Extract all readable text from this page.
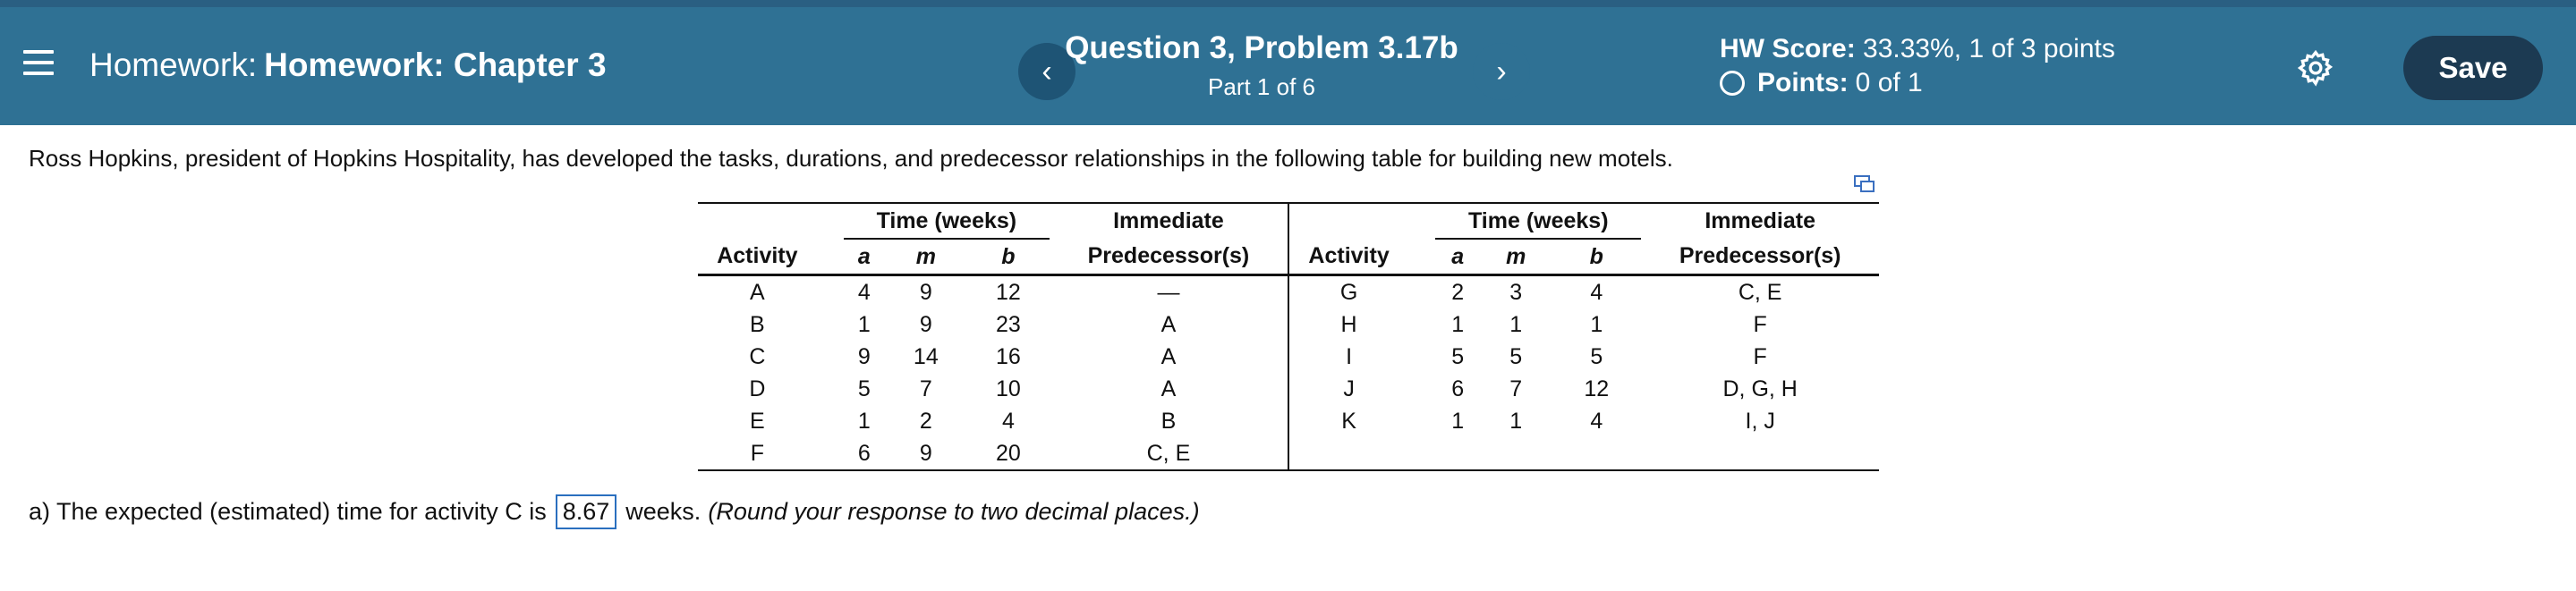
Homework: Homework: Chapter 3	‹
Question 3, Problem 3.17b
Part 1 of 6	›
HW Score: 33.33%, 1 of 3 points
Points: 0 of 1	Save
Ross Hopkins, president of Hopkins Hospitality, has developed the tasks, durations, and predecessor relationships in the following table for building new motels.
		Time (weeks)			Immediate			Time (weeks)			Immediate
Activity		a	m	b	Predecessor(s)	Activity		a	m	b	Predecessor(s)
A		4	9	12	—	G		2	3	4	C, E
B		1	9	23	A	H		1	1	1	F
C		9	14	16	A	I		5	5	5	F
D		5	7	10	A	J		6	7	12	D, G, H
E		1	2	4	B	K		1	1	4	I, J
F		6	9	20	C, E						
a) The expected (estimated) time for activity C is 8.67 weeks. (Round your response to two decimal places.)
